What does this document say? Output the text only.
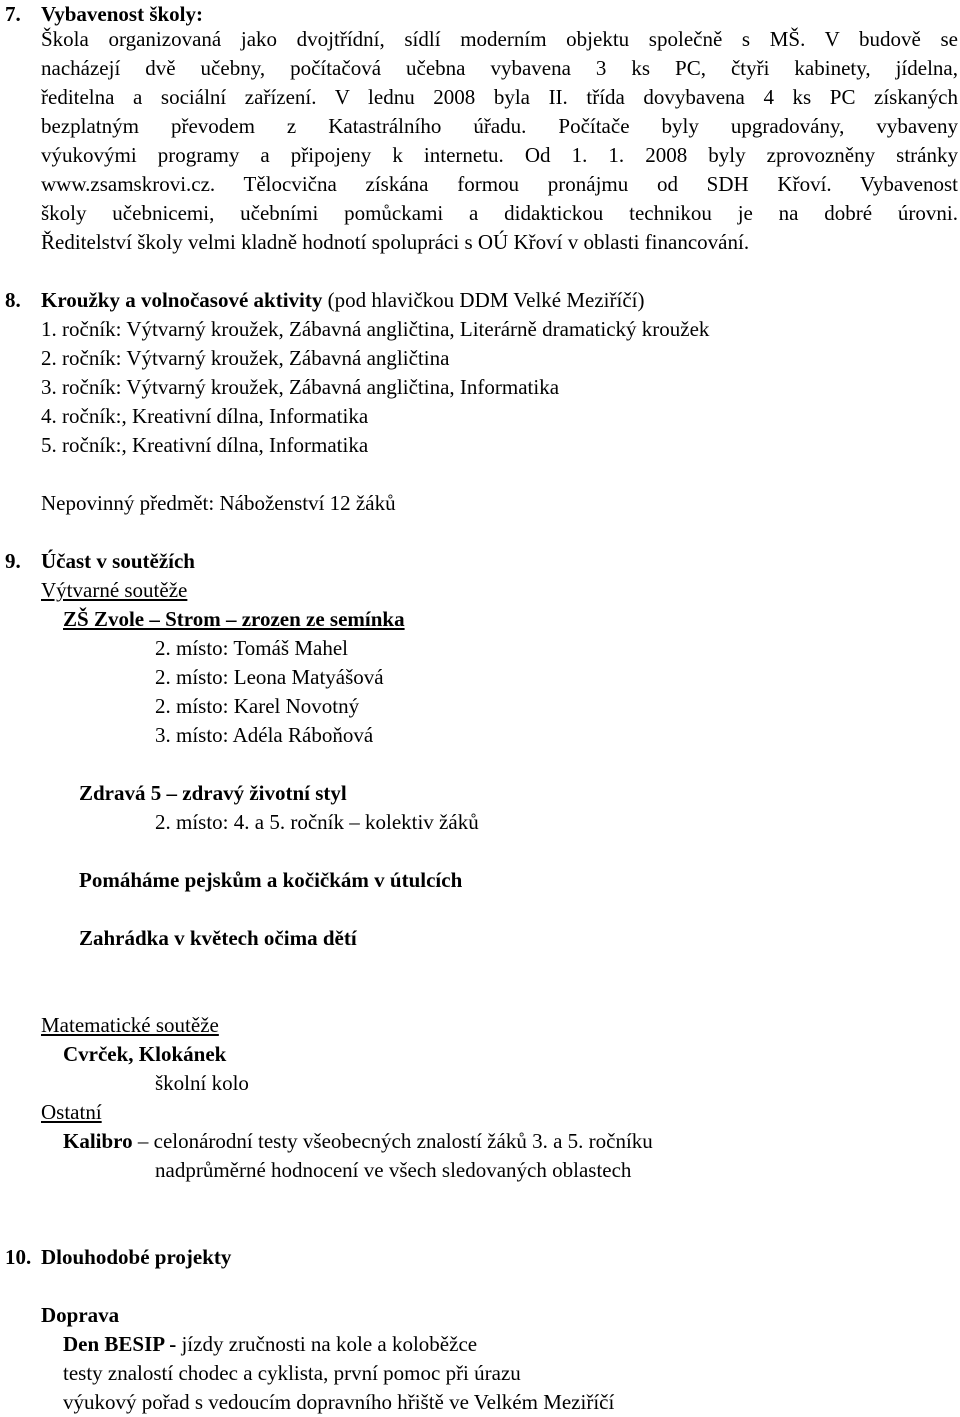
7. Vybavenost školy:
Škola organizovaná jako dvojtřídní, sídlí moderním objektu společně s MŠ. V budově se
nacházejí dvě učebny, počítačová učebna vybavena 3 ks PC, čtyři kabinety, jídelna,
ředitelna a sociální zařízení. V lednu 2008 byla II. třída dovybavena 4 ks PC získaných
bezplatným převodem z Katastrálního úřadu. Počítače byly upgradovány, vybaveny
výukovými programy a připojeny k internetu. Od 1. 1. 2008 byly zprovozněny stránky
www.zsamskrovi.cz. Tělocvična získána formou pronájmu od SDH Křoví. Vybavenost
školy učebnicemi, učebními pomůckami a didaktickou technikou je na dobré úrovni.
Ředitelství školy velmi kladně hodnotí spolupráci s OÚ Křoví v oblasti financování.
8. Kroužky a volnočasové aktivity (pod hlavičkou DDM Velké Meziříčí)
1. ročník: Výtvarný kroužek, Zábavná angličtina, Literárně dramatický kroužek
2. ročník: Výtvarný kroužek, Zábavná angličtina
3. ročník: Výtvarný kroužek, Zábavná angličtina, Informatika
4. ročník:, Kreativní dílna, Informatika
5. ročník:, Kreativní dílna, Informatika
Nepovinný předmět: Náboženství 12 žáků
9. Účast v soutěžích
Výtvarné soutěže
ZŠ Zvole – Strom – zrozen ze semínka
2. místo: Tomáš Mahel
2. místo: Leona Matyášová
2. místo: Karel Novotný
3. místo: Adéla Ráboňová
Zdravá 5 – zdravý životní styl
2. místo: 4. a 5. ročník – kolektiv žáků
Pomáháme pejskům a kočičkám v útulcích
Zahrádka v květech očima dětí
Matematické soutěže
Cvrček, Klokánek
školní kolo
Ostatní
Kalibro – celonárodní testy všeobecných znalostí žáků 3. a 5. ročníku
nadprůměrné hodnocení ve všech sledovaných oblastech
10. Dlouhodobé projekty
Doprava
Den BESIP - jízdy zručnosti na kole a koloběžce
testy znalostí chodec a cyklista, první pomoc při úrazu
výukový pořad s vedoucím dopravního hřiště ve Velkém Meziříčí
